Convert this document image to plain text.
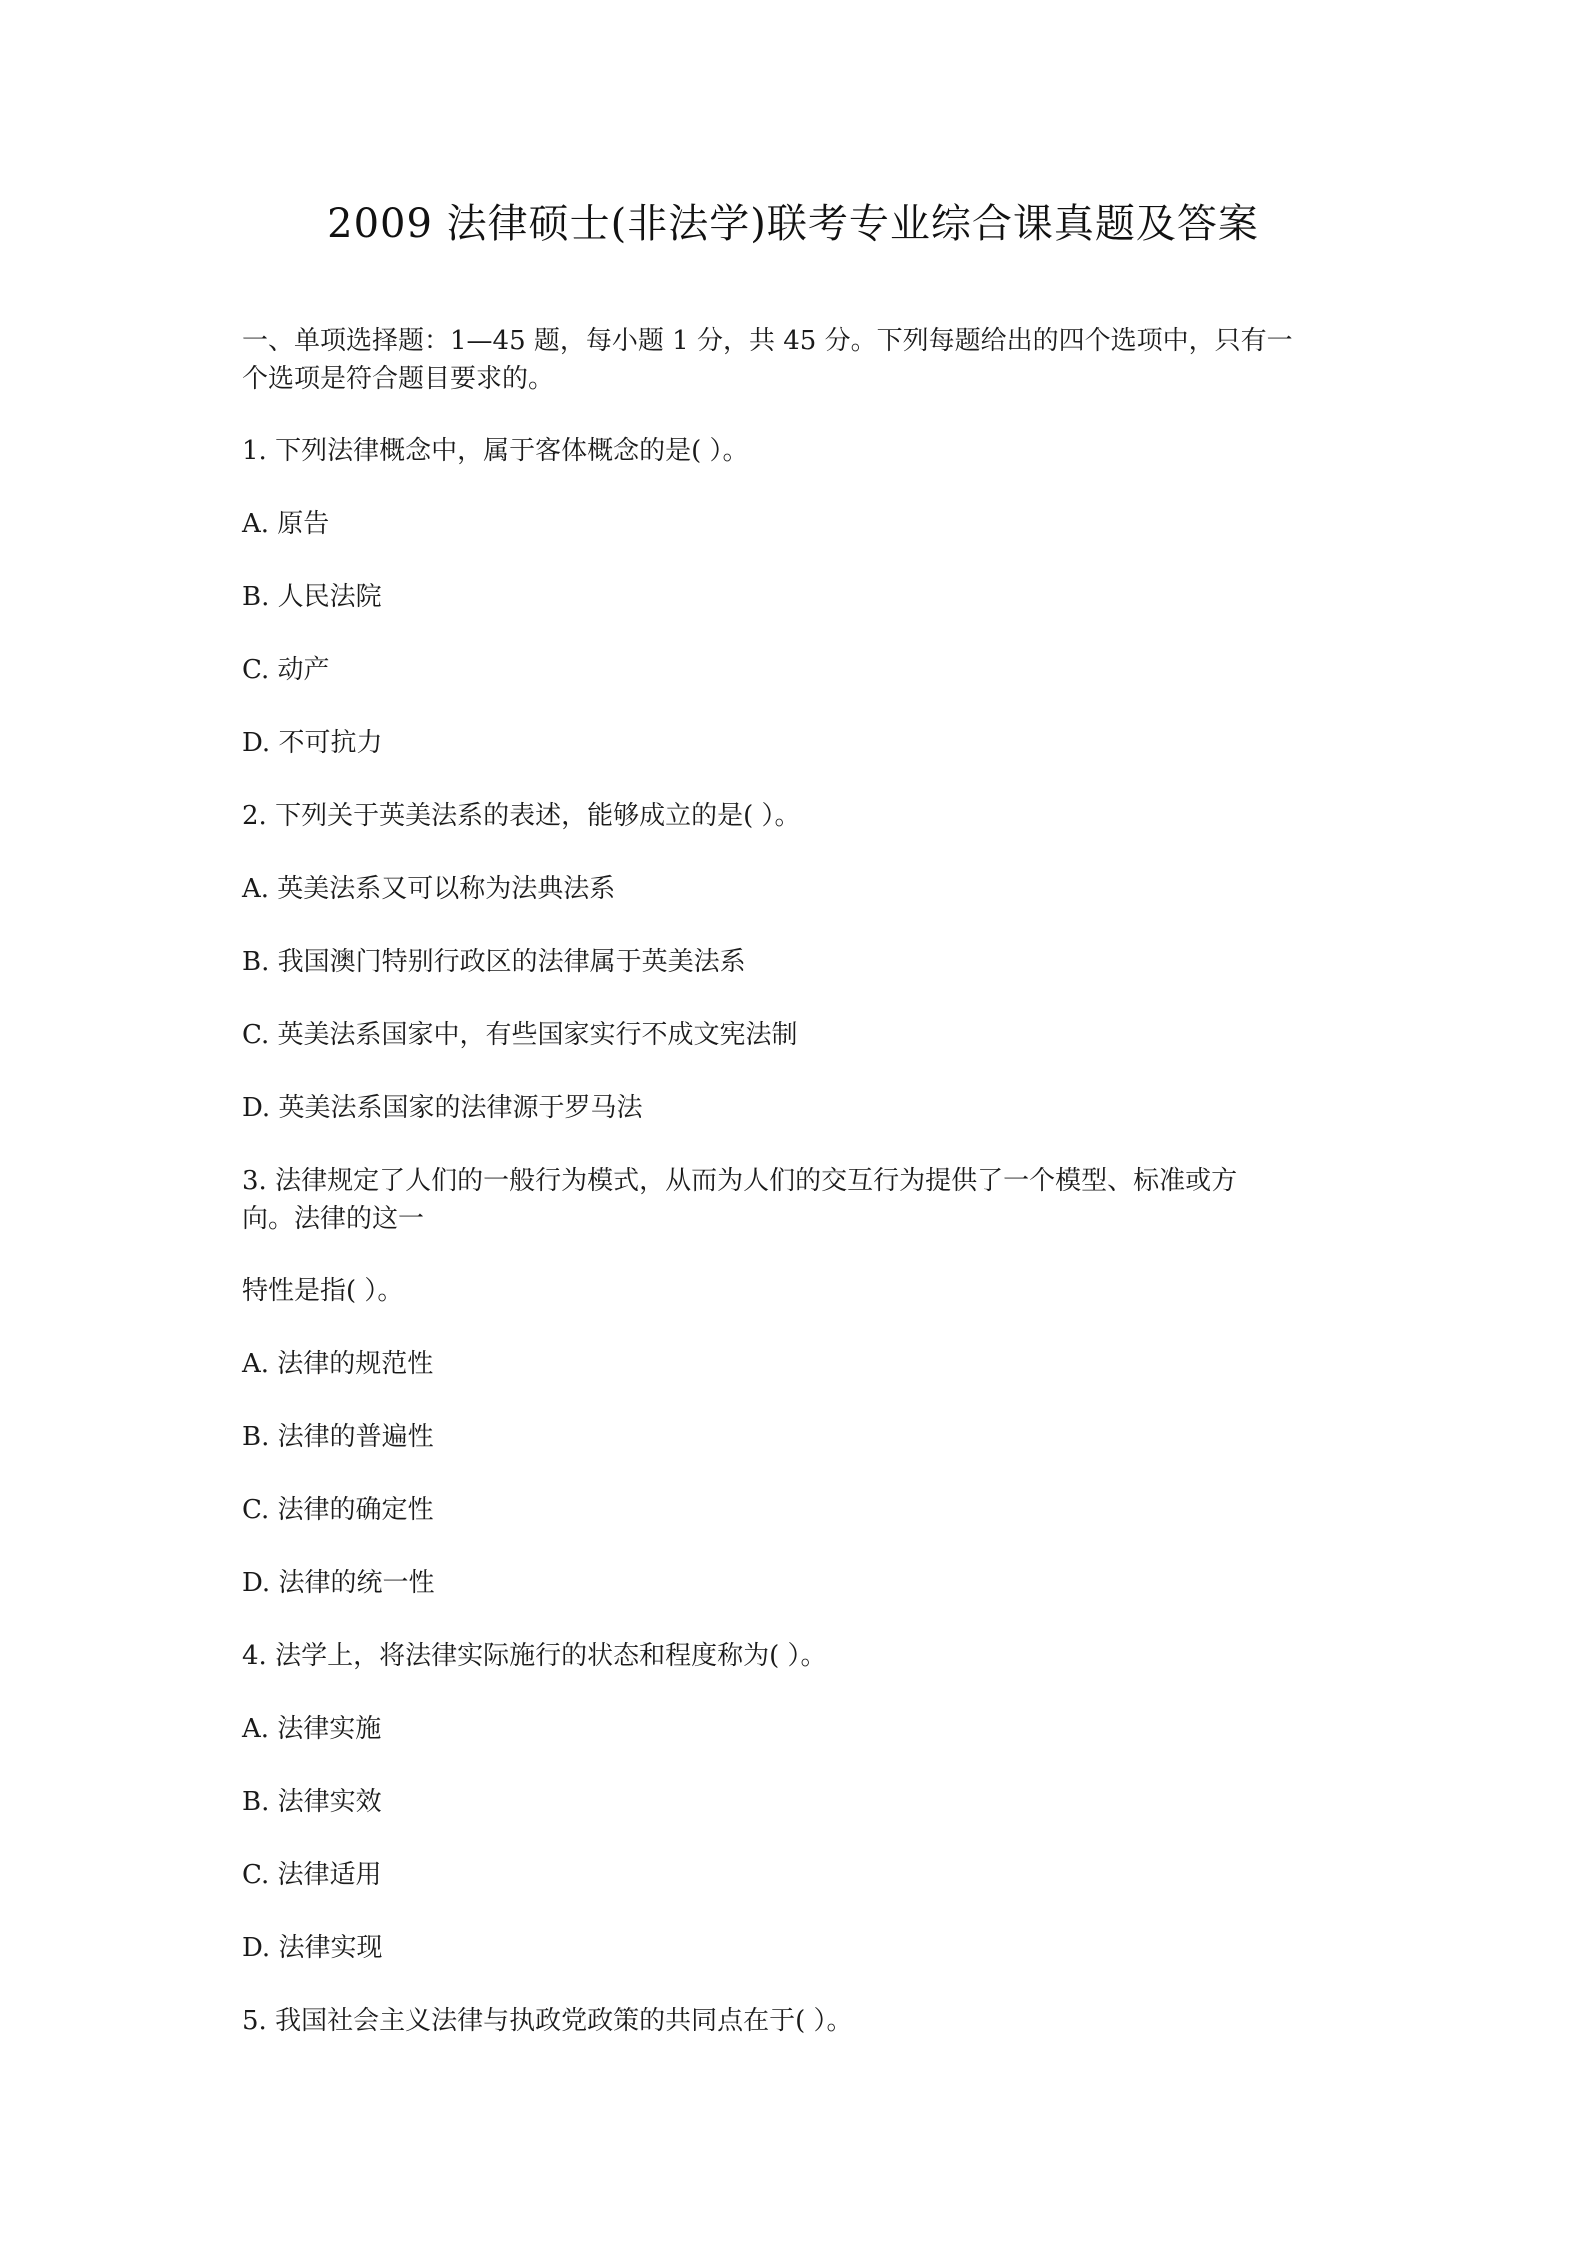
2009 法律硕士(非法学)联考专业综合课真题及答案
一、单项选择题：1—45 题，每小题 1 分，共 45 分。下列每题给出的四个选项中，只有一
个选项是符合题目要求的。
1. 下列法律概念中，属于客体概念的是( ）。
A. 原告
B. 人民法院
C. 动产
D. 不可抗力
2. 下列关于英美法系的表述，能够成立的是( ）。
A. 英美法系又可以称为法典法系
B. 我国澳门特别行政区的法律属于英美法系
C. 英美法系国家中，有些国家实行不成文宪法制
D. 英美法系国家的法律源于罗马法
3. 法律规定了人们的一般行为模式，从而为人们的交互行为提供了一个模型、标准或方
向。法律的这一
特性是指( ）。
A. 法律的规范性
B. 法律的普遍性
C. 法律的确定性
D. 法律的统一性
4. 法学上，将法律实际施行的状态和程度称为( ）。
A. 法律实施
B. 法律实效
C. 法律适用
D. 法律实现
5. 我国社会主义法律与执政党政策的共同点在于( ）。
